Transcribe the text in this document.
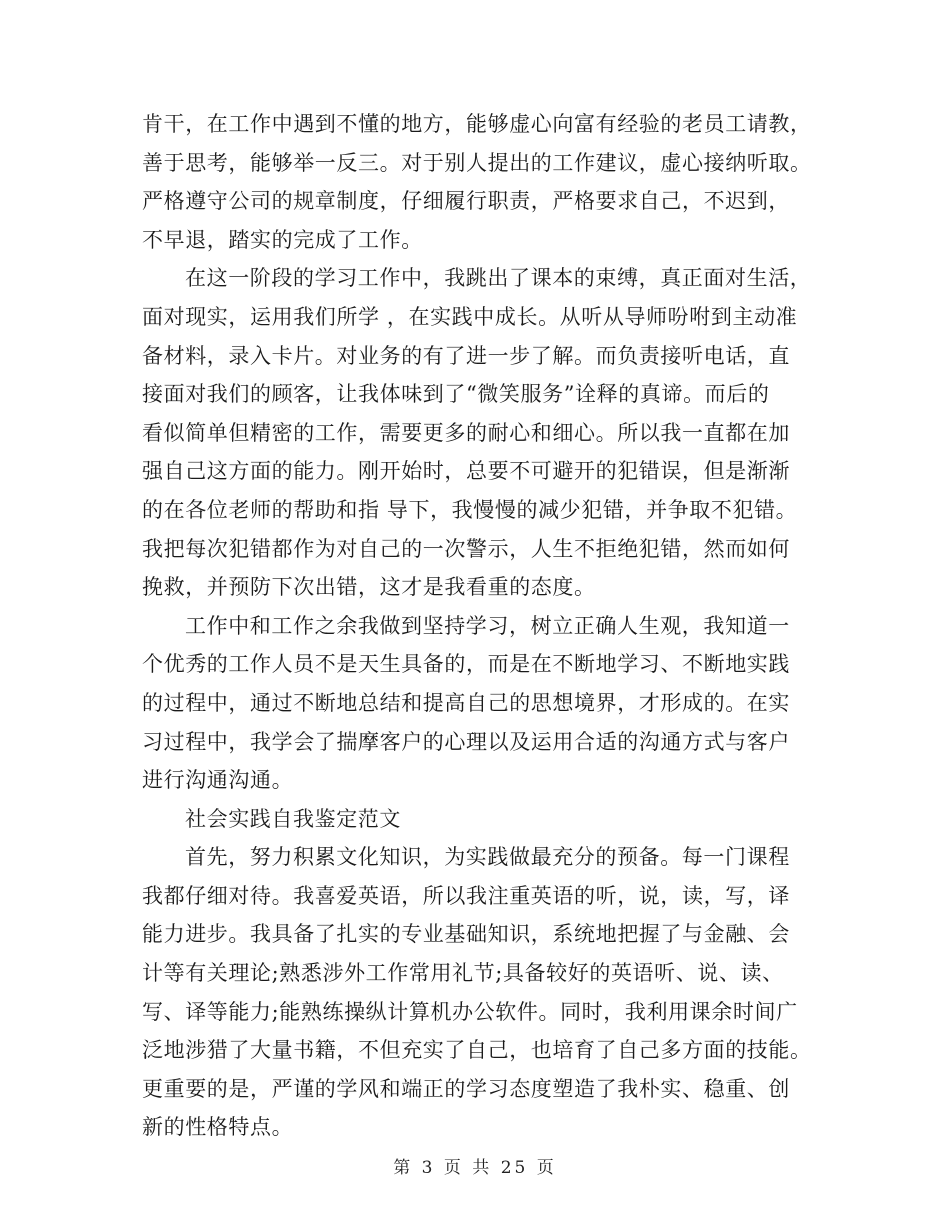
肯干，在工作中遇到不懂的地方，能够虚心向富有经验的老员工请教，
善于思考，能够举一反三。对于别人提出的工作建议，虚心接纳听取。
严格遵守公司的规章制度，仔细履行职责，严格要求自己，不迟到，
不早退，踏实的完成了工作。
在这一阶段的学习工作中，我跳出了课本的束缚，真正面对生活，
面对现实，运用我们所学 ，在实践中成长。从听从导师吩咐到主动准
备材料，录入卡片。对业务的有了进一步了解。而负责接听电话，直
接面对我们的顾客，让我体味到了“微笑服务”诠释的真谛。而后的
看似简单但精密的工作，需要更多的耐心和细心。所以我一直都在加
强自己这方面的能力。刚开始时，总要不可避开的犯错误，但是渐渐
的在各位老师的帮助和指 导下，我慢慢的减少犯错，并争取不犯错。
我把每次犯错都作为对自己的一次警示，人生不拒绝犯错，然而如何
挽救，并预防下次出错，这才是我看重的态度。
工作中和工作之余我做到坚持学习，树立正确人生观，我知道一
个优秀的工作人员不是天生具备的，而是在不断地学习、不断地实践
的过程中，通过不断地总结和提高自己的思想境界，才形成的。在实
习过程中，我学会了揣摩客户的心理以及运用合适的沟通方式与客户
进行沟通沟通。
社会实践自我鉴定范文
首先，努力积累文化知识，为实践做最充分的预备。每一门课程
我都仔细对待。我喜爱英语，所以我注重英语的听，说，读，写，译
能力进步。我具备了扎实的专业基础知识，系统地把握了与金融、会
计等有关理论;熟悉涉外工作常用礼节;具备较好的英语听、说、读、
写、译等能力;能熟练操纵计算机办公软件。同时，我利用课余时间广
泛地涉猎了大量书籍，不但充实了自己，也培育了自己多方面的技能。
更重要的是，严谨的学风和端正的学习态度塑造了我朴实、稳重、创
新的性格特点。
第 3 页 共 25 页
